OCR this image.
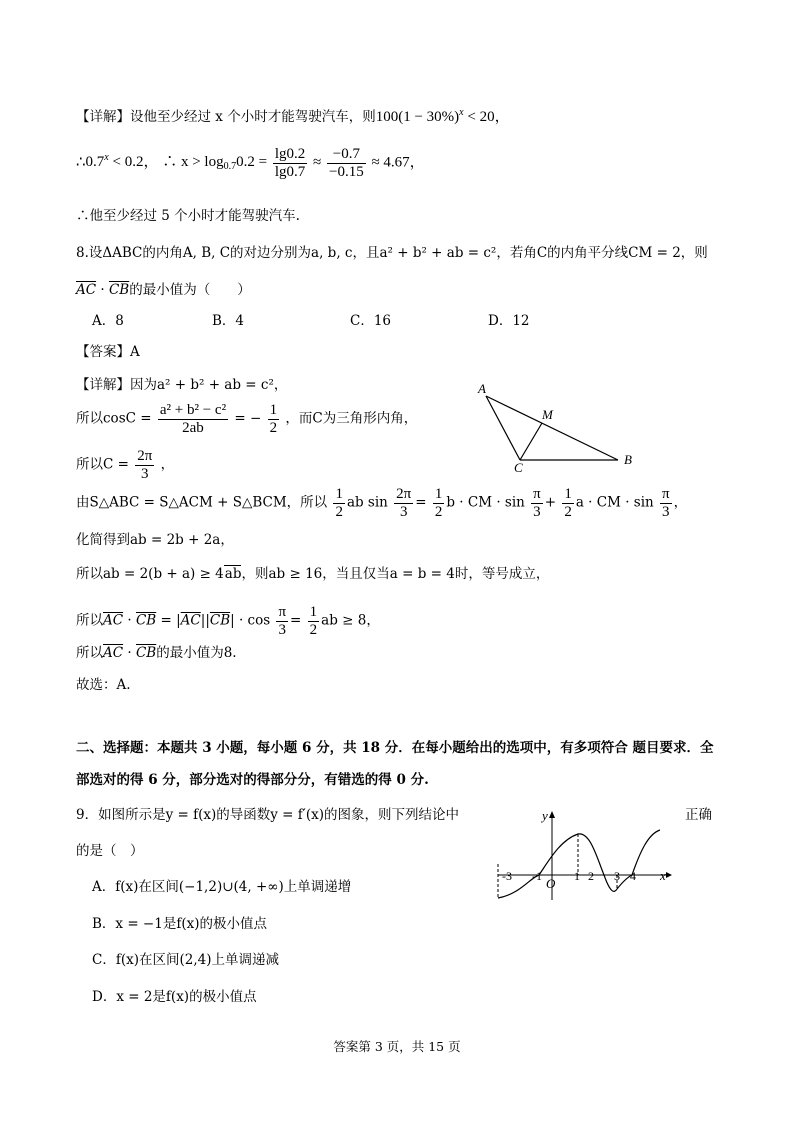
【详解】设他至少经过 x 个小时才能驾驶汽车，则$100(1 - 30\%)^x < 20$，
$\therefore 0.7^x < 0.2$， ∴ $x > \log_{0.7}0.2 = \frac{\lg 0.2}{\lg 0.7} \approx \frac{-0.7}{-0.15} \approx 4.67$，
∴他至少经过 5 个小时才能驾驶汽车.
8.设ΔABC的内角A, B, C的对边分别为a, b, c，且a² + b² + ab = c²，若角C的内角平分线CM = 2，则
$\overline{AC} \cdot \overline{CB}$的最小值为（　　）
A．8	B．4	C．16	D．12
【答案】A
【详解】因为a² + b² + ab = c²，
所以$\cos C = \frac{\text{a² + b² − c²}}{2ab}$ = − $\frac{1}{2}$ ，而C为三角形内角，
所以$C = \frac{2\pi}{3}$ ，
由S△ABC = S△ACM + S△BCM，所以 $\frac{1}{2}$ ab $\sin \frac{2\pi}{3} = \frac{1}{2}$ b · CM · $\sin \frac{\pi}{3} + \frac{1}{2}$ a · CM · $\sin \frac{\pi}{3}$ ，
化简得到ab = 2b + 2a，
所以ab = 2(b + a) ≥ 4ab，则ab ≥ 16，当且仅当a = b = 4时，等号成立，
所以$\overline{AC} \cdot \overline{CB} = |\overline{AC}||\overline{CB}| \cdot \cos \frac{\pi}{3} = \frac{1}{2}$ ab ≥ 8，
所以$\overline{AC} \cdot \overline{CB}$的最小值为8.
故选：A.
A
M
C
B
二、选择题：本题共 3 小题，每小题 6 分，共 18 分．在每小题给出的选项中，有多项符合 题目要求．全
部选对的得 6 分，部分选对的得部分分，有错选的得 0 分.
9．如图所示是y = f(x)的导函数y = f′(x)的图象，则下列结论中	正确
的是（　）
A．f(x)在区间(−1,2)∪(4, +∞)上单调递增
B．x = −1是f(x)的极小值点
C．f(x)在区间(2,4)上单调递减
D．x = 2是f(x)的极小值点
y
x
O
-3 -1	1 2 3 4
答案第 3 页，共 15 页
